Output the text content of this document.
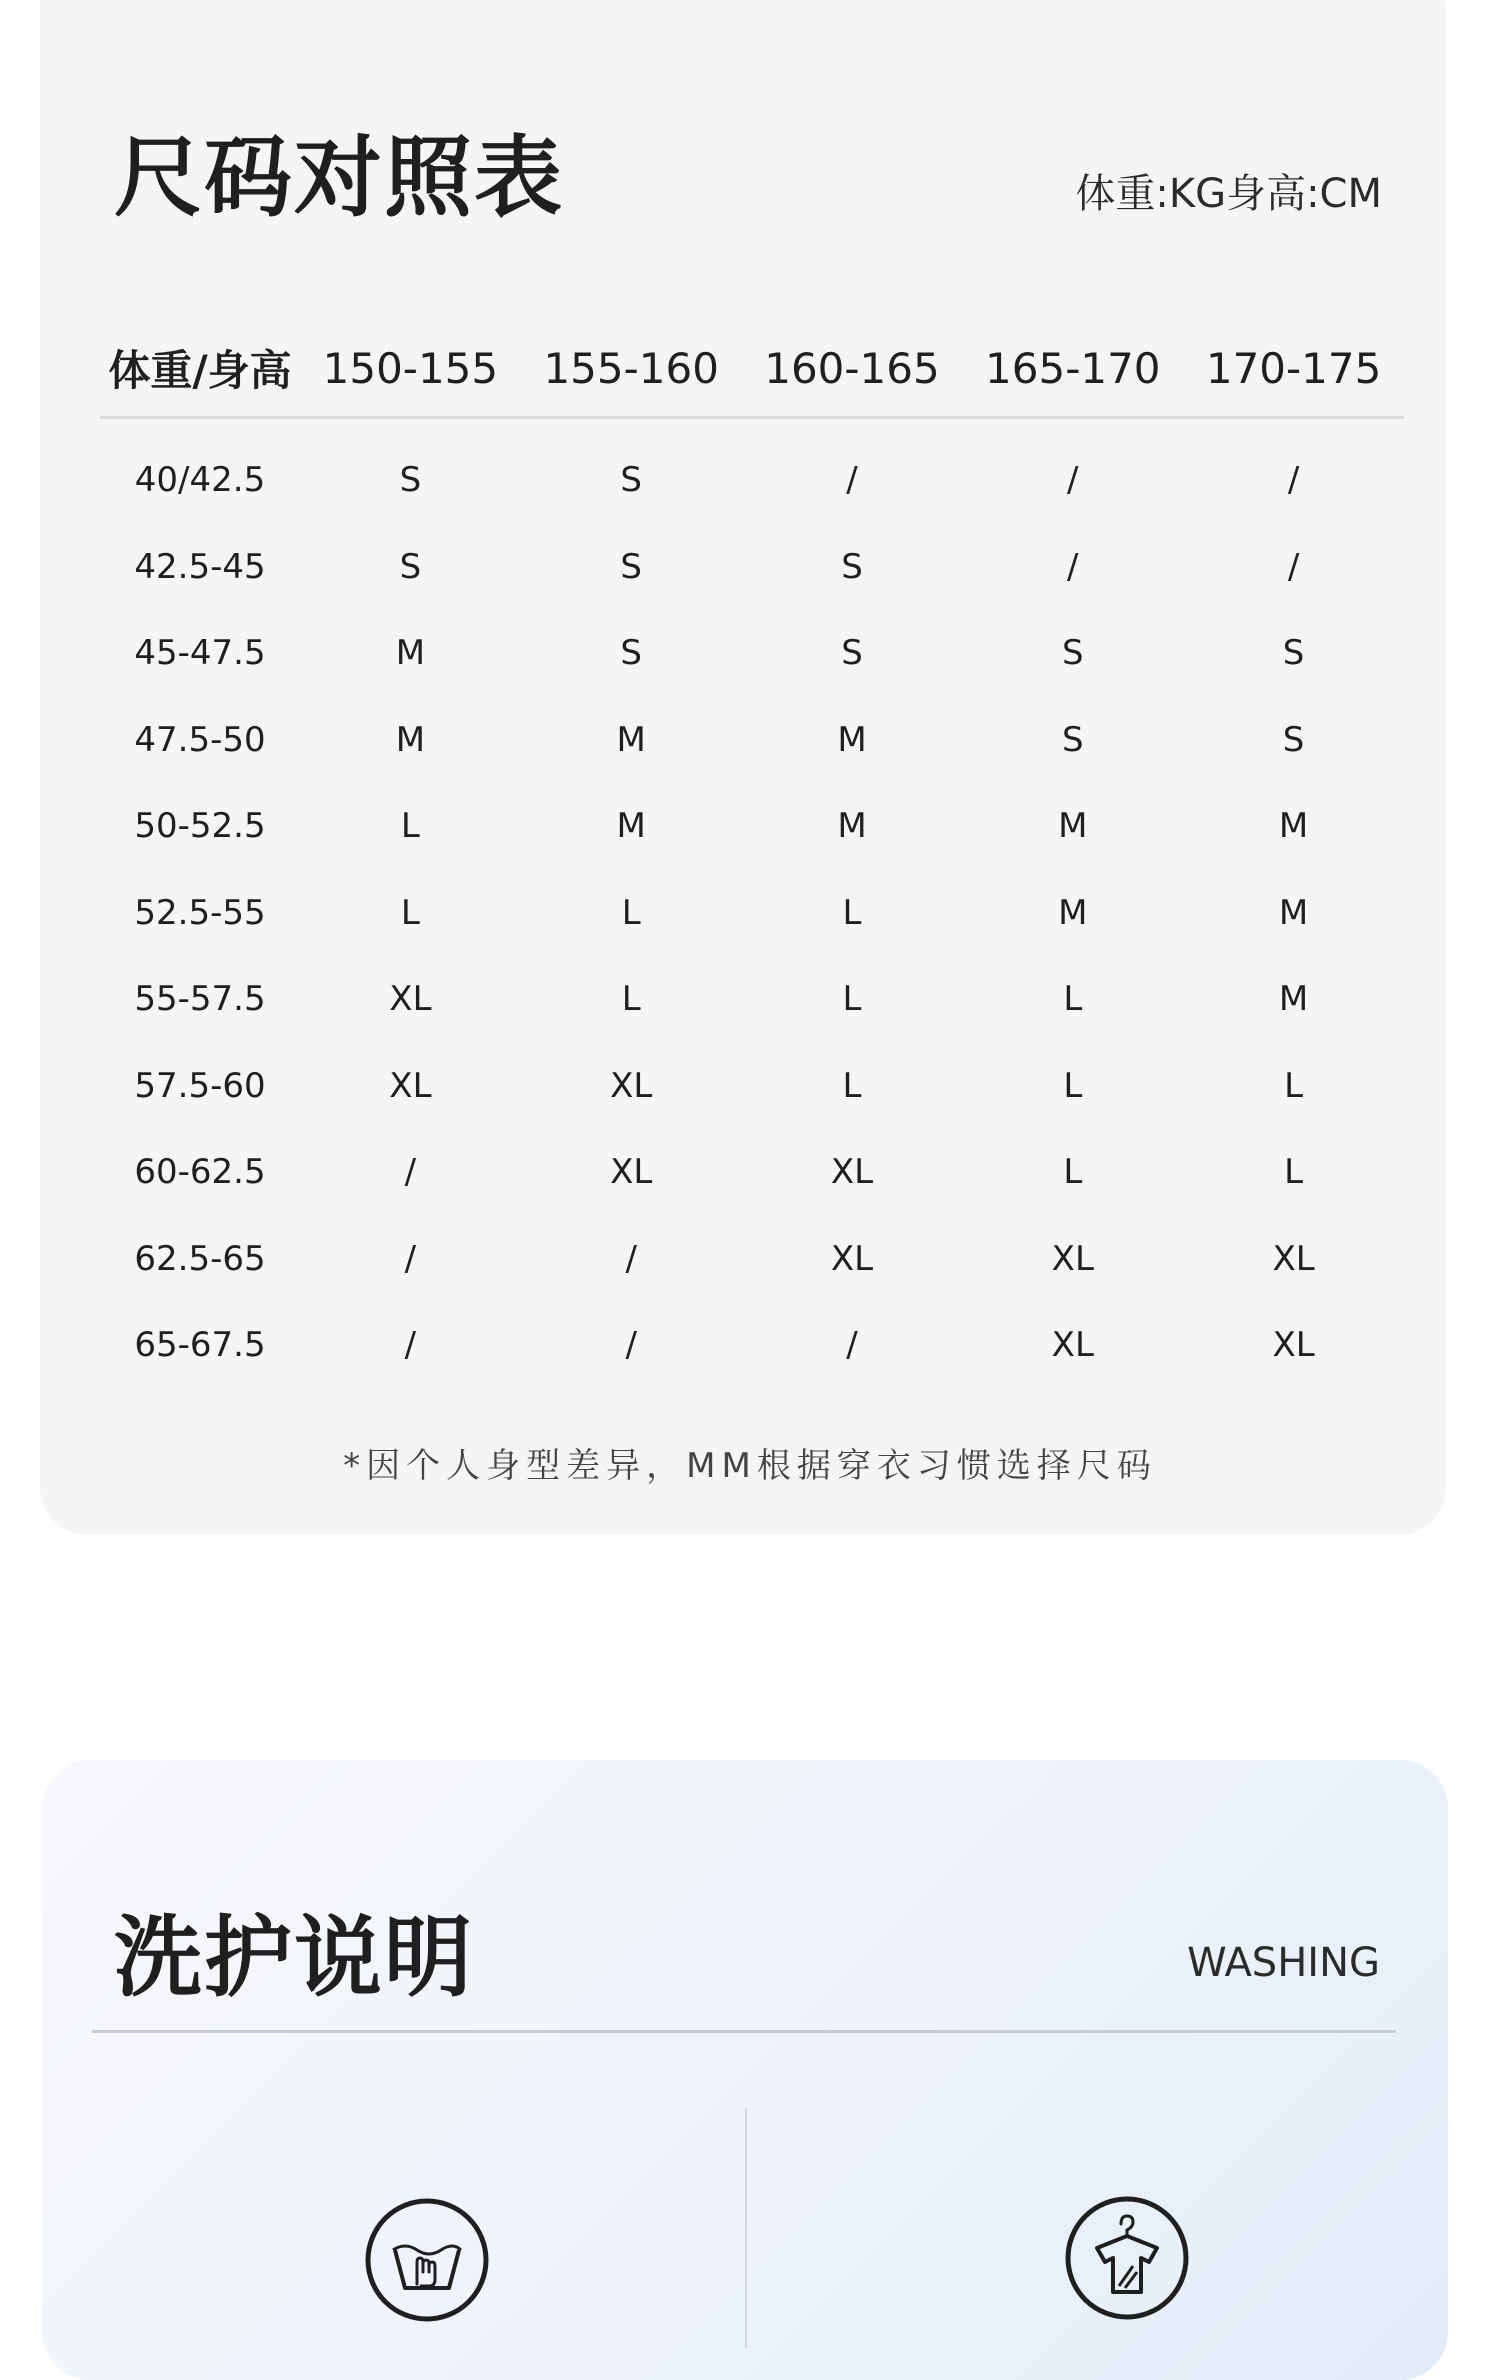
尺码对照表	体重:KG身高:CM

体重/身高	150-155	155-160	160-165	165-170	170-175
40/42.5	S	S	/	/	/
42.5-45	S	S	S	/	/
45-47.5	M	S	S	S	S
47.5-50	M	M	M	S	S
50-52.5	L	M	M	M	M
52.5-55	L	L	L	M	M
55-57.5	XL	L	L	L	M
57.5-60	XL	XL	L	L	L
60-62.5	/	XL	XL	L	L
62.5-65	/	/	XL	XL	XL
65-67.5	/	/	/	XL	XL

*因个人身型差异，MM根据穿衣习惯选择尺码

洗护说明	WASHING
